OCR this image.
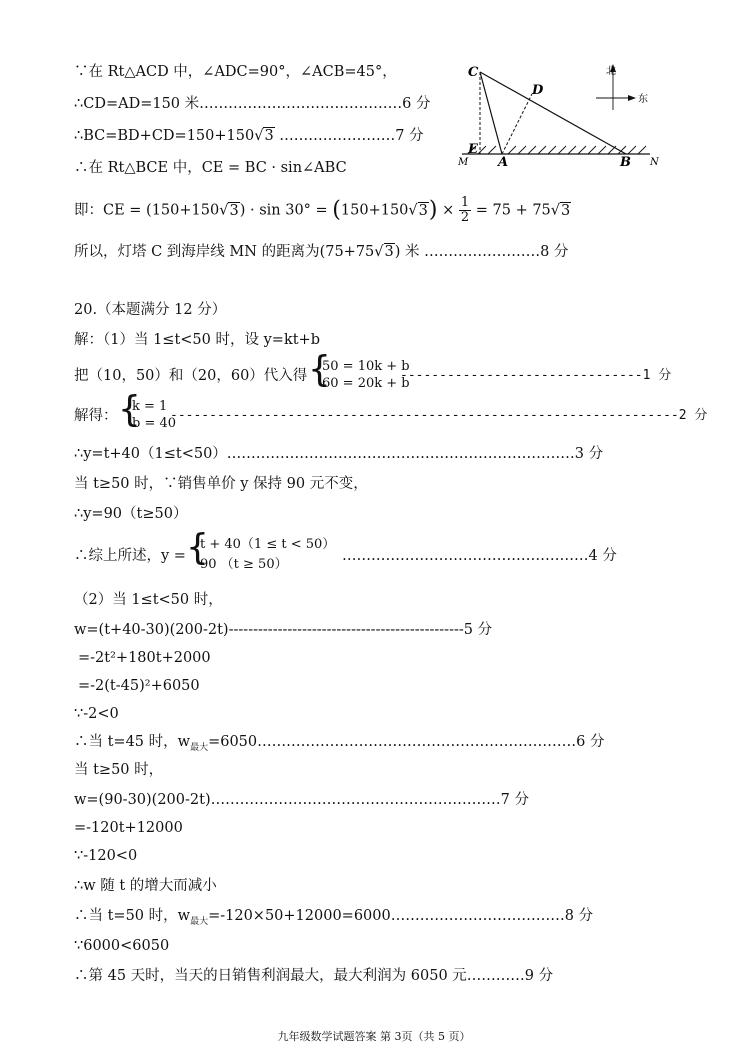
∵在 Rt△ACD 中，∠ADC=90°，∠ACB=45°，
∴CD=AD=150 米……………………………………6 分
∴BC=BD+CD=150+150√3 ……………………7 分
∴在 Rt△BCE 中，CE = BC · sin∠ABC
即：CE = $(150+150√3) \cdot \sin 30^\circ = (150+150√3) \times \frac{1}{2} = 75 + 75√3$
所以，灯塔 C 到海岸线 MN 的距离为(75+75√3) 米 ……………………8 分
20.（本题满分 12 分）
解：（1）当 1≤t<50 时，设 y=kt+b
把（10，50）和（20，60）代入得 {
50 = 10k + b
60 = 20k + b
-------------------------------1 分
解得： {
k = 1
b = 40
-----------------------------------------------------------------2 分
∴y=t+40（1≤t<50）………………………………………………………………3 分
当 t≥50 时，∵销售单价 y 保持 90 元不变，
∴y=90（t≥50）
∴综上所述，y = {
t + 40（1 ≤ t < 50）
90 （t ≥ 50）
……………………………………………4 分
（2）当 1≤t<50 时，
w=(t+40-30)(200-2t)------------------------------------------------5 分
=-2t²+180t+2000
=-2(t-45)²+6050
∵-2<0
∴当 t=45 时，$w_{最大}=6050\dots\dots\dots\dots\dots\dots\dots\dots\dots\dots\dots\dots\dots\dots\dots\dots\dots\dots\dots\dots\dots\dots 6$ 分
当 t≥50 时，
w=(90-30)(200-2t)……………………………………………………7 分
=-120t+12000
∵-120<0
∴w 随 t 的增大而减小
∴当 t=50 时，$w_{最大}=-120\times 50+12000=6000\dots\dots\dots\dots\dots\dots\dots\dots\dots\dots\dots\dots 8$ 分
∵6000<6050
∴第 45 天时，当天的日销售利润最大，最大利润为 6050 元…………9 分
C
D
E
A	B
M	N
北
东
九年级数学试题答案 第 3页（共 5 页）
